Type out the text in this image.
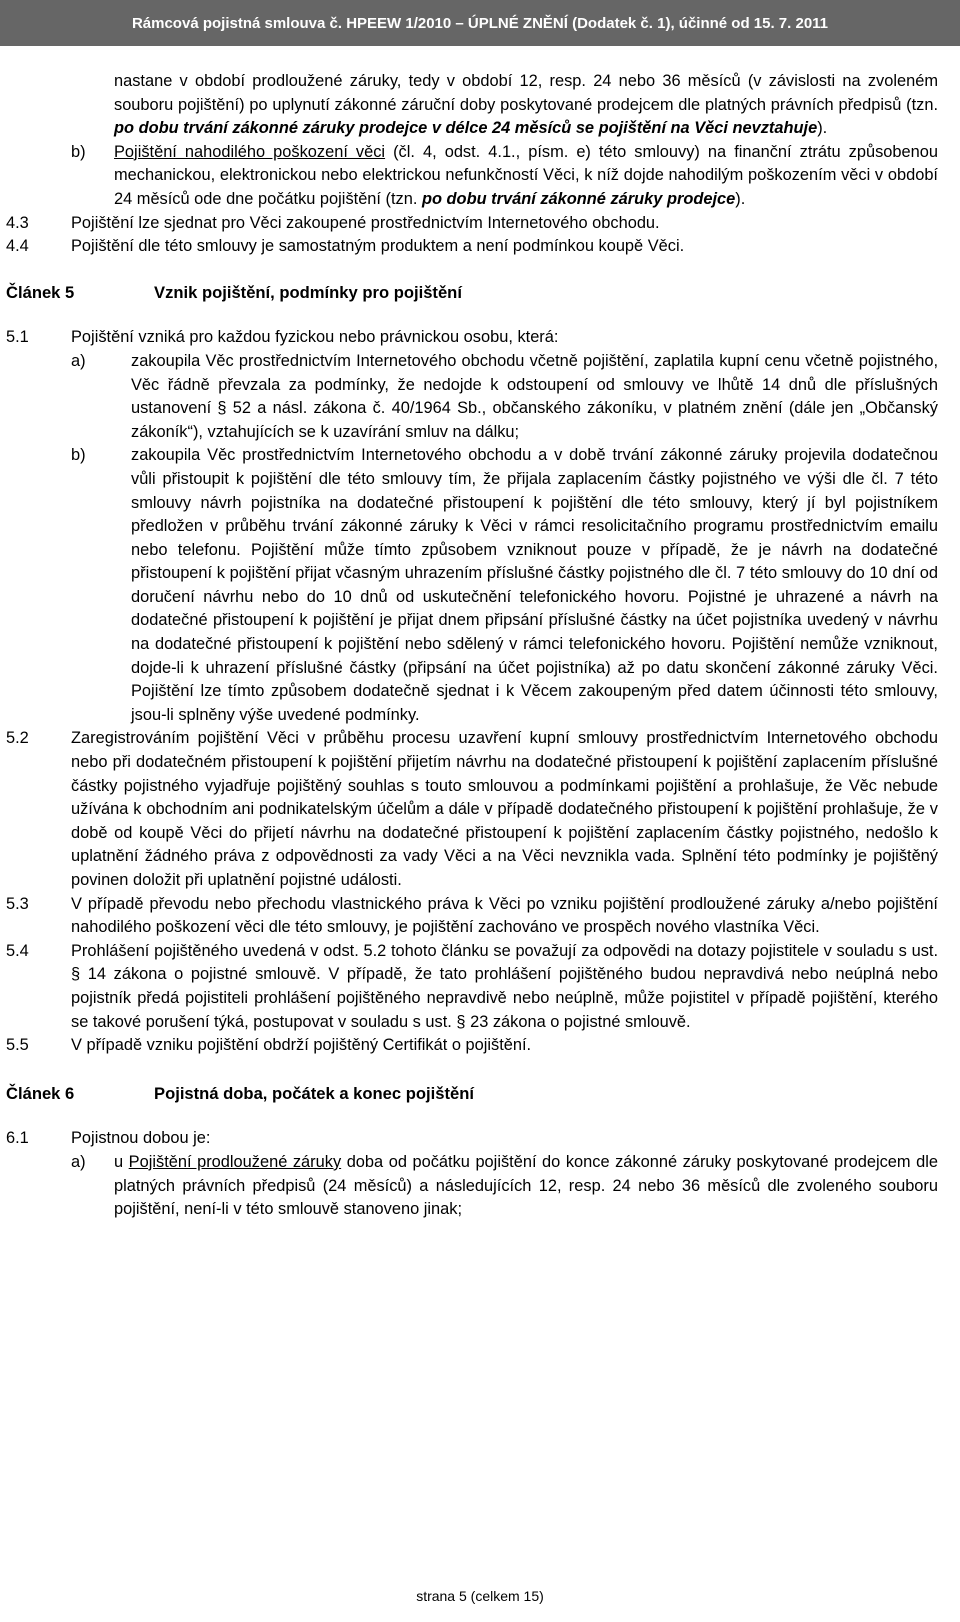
Rámcová pojistná smlouva č. HPEEW 1/2010 – ÚPLNÉ ZNĚNÍ (Dodatek č. 1), účinné od 15. 7. 2011
nastane v období prodloužené záruky, tedy v období 12, resp. 24 nebo 36 měsíců (v závislosti na zvoleném souboru pojištění) po uplynutí zákonné záruční doby poskytované prodejcem dle platných právních předpisů (tzn. po dobu trvání zákonné záruky prodejce v délce 24 měsíců se pojištění na Věci nevztahuje).
b)	Pojištění nahodilého poškození věci (čl. 4, odst. 4.1., písm. e) této smlouvy) na finanční ztrátu způsobenou mechanickou, elektronickou nebo elektrickou nefunkčností Věci, k níž dojde nahodilým poškozením věci v období 24 měsíců ode dne počátku pojištění (tzn. po dobu trvání zákonné záruky prodejce).
4.3	Pojištění lze sjednat pro Věci zakoupené prostřednictvím Internetového obchodu.
4.4	Pojištění dle této smlouvy je samostatným produktem a není podmínkou koupě Věci.
Článek 5	Vznik pojištění, podmínky pro pojištění
5.1	Pojištění vzniká pro každou fyzickou nebo právnickou osobu, která:
a)	zakoupila Věc prostřednictvím Internetového obchodu včetně pojištění, zaplatila kupní cenu včetně pojistného, Věc řádně převzala za podmínky, že nedojde k odstoupení od smlouvy ve lhůtě 14 dnů dle příslušných ustanovení § 52 a násl. zákona č. 40/1964 Sb., občanského zákoníku, v platném znění (dále jen „Občanský zákoník“), vztahujících se k uzavírání smluv na dálku;
b)	zakoupila Věc prostřednictvím Internetového obchodu a v době trvání zákonné záruky projevila dodatečnou vůli přistoupit k pojištění dle této smlouvy tím, že přijala zaplacením částky pojistného ve výši dle čl. 7 této smlouvy návrh pojistníka na dodatečné přistoupení k pojištění dle této smlouvy, který jí byl pojistníkem předložen v průběhu trvání zákonné záruky k Věci v rámci resolicitačního programu prostřednictvím emailu nebo telefonu. Pojištění může tímto způsobem vzniknout pouze v případě, že je návrh na dodatečné přistoupení k pojištění přijat včasným uhrazením příslušné částky pojistného dle čl. 7 této smlouvy do 10 dní od doručení návrhu nebo do 10 dnů od uskutečnění telefonického hovoru. Pojistné je uhrazené a návrh na dodatečné přistoupení k pojištění je přijat dnem připsání příslušné částky na účet pojistníka uvedený v návrhu na dodatečné přistoupení k pojištění nebo sdělený v rámci telefonického hovoru. Pojištění nemůže vzniknout, dojde-li k uhrazení příslušné částky (připsání na účet pojistníka) až po datu skončení zákonné záruky Věci. Pojištění lze tímto způsobem dodatečně sjednat i k Věcem zakoupeným před datem účinnosti této smlouvy, jsou-li splněny výše uvedené podmínky.
5.2	Zaregistrováním pojištění Věci v průběhu procesu uzavření kupní smlouvy prostřednictvím Internetového obchodu nebo při dodatečném přistoupení k pojištění přijetím návrhu na dodatečné přistoupení k pojištění zaplacením příslušné částky pojistného vyjadřuje pojištěný souhlas s touto smlouvou a podmínkami pojištění a prohlašuje, že Věc nebude užívána k obchodním ani podnikatelským účelům a dále v případě dodatečného přistoupení k pojištění prohlašuje, že v době od koupě Věci do přijetí návrhu na dodatečné přistoupení k pojištění zaplacením částky pojistného, nedošlo k uplatnění žádného práva z odpovědnosti za vady Věci a na Věci nevznikla vada. Splnění této podmínky je pojištěný povinen doložit při uplatnění pojistné události.
5.3	V případě převodu nebo přechodu vlastnického práva k Věci po vzniku pojištění prodloužené záruky a/nebo pojištění nahodilého poškození věci dle této smlouvy, je pojištění zachováno ve prospěch nového vlastníka Věci.
5.4	Prohlášení pojištěného uvedená v odst. 5.2 tohoto článku se považují za odpovědi na dotazy pojistitele v souladu s ust. § 14 zákona o pojistné smlouvě. V případě, že tato prohlášení pojištěného budou nepravdivá nebo neúplná nebo pojistník předá pojistiteli prohlášení pojištěného nepravdivě nebo neúplně, může pojistitel v případě pojištění, kterého se takové porušení týká, postupovat v souladu s ust. § 23 zákona o pojistné smlouvě.
5.5	V případě vzniku pojištění obdrží pojištěný Certifikát o pojištění.
Článek 6	Pojistná doba, počátek a konec pojištění
6.1	Pojistnou dobou je:
a)	u Pojištění prodloužené záruky doba od počátku pojištění do konce zákonné záruky poskytované prodejcem dle platných právních předpisů (24 měsíců) a následujících 12, resp. 24 nebo 36 měsíců dle zvoleného souboru pojištění, není-li v této smlouvě stanoveno jinak;
strana 5 (celkem 15)
